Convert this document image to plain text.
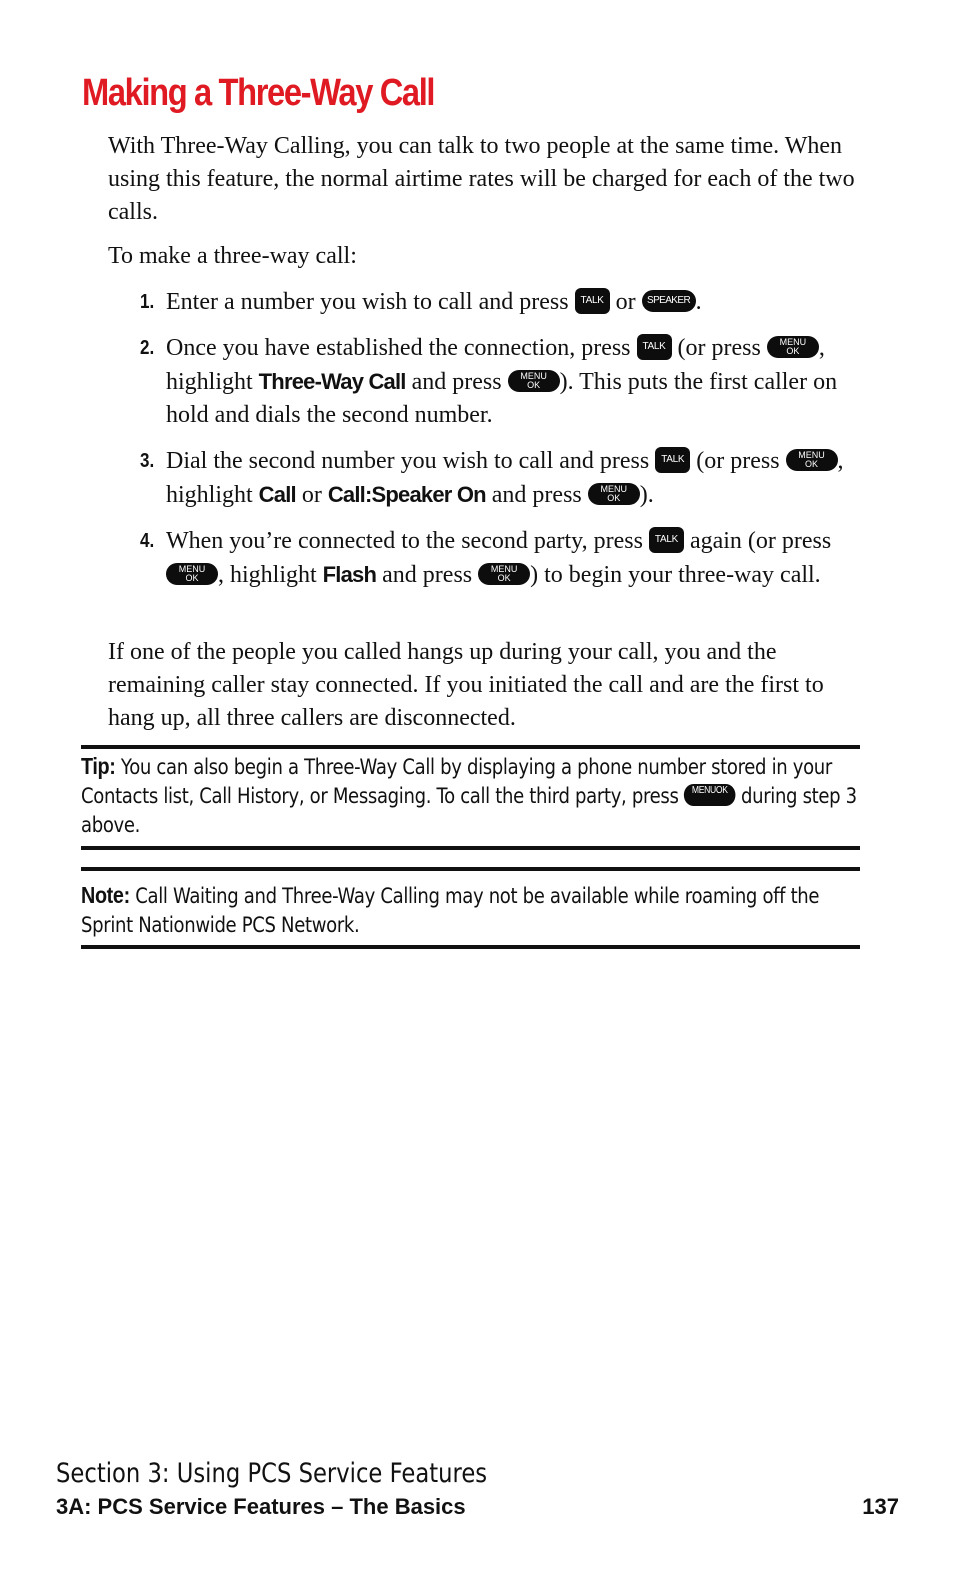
Making a Three-Way Call

With Three-Way Calling, you can talk to two people at the same time. When using this feature, the normal airtime rates will be charged for each of the two calls.

To make a three-way call:

1. Enter a number you wish to call and press TALK or SPEAKER .
2. Once you have established the connection, press TALK (or press	MENU
OK , highlight Three-Way Call and press	MENU
OK ). This puts the first caller on hold and dials the second number.
3. Dial the second number you wish to call and press TALK (or press	MENU
OK , highlight Call or Call:Speaker On and press	MENU
OK ).
4. When you’re connected to the second party, press TALK again (or press
MENU
OK , highlight Flash and press	MENU
OK ) to begin your three-way call.

If one of the people you called hangs up during your call, you and the remaining caller stay connected. If you initiated the call and are the first to hang up, all three callers are disconnected.

Tip: You can also begin a Three-Way Call by displaying a phone number stored in your Contacts list, Call History, or Messaging. To call the third party, press MENUOK during step 3 above.

Note: Call Waiting and Three-Way Calling may not be available while roaming off the Sprint Nationwide PCS Network.

Section 3: Using PCS Service Features

3A: PCS Service Features – The Basics	137
